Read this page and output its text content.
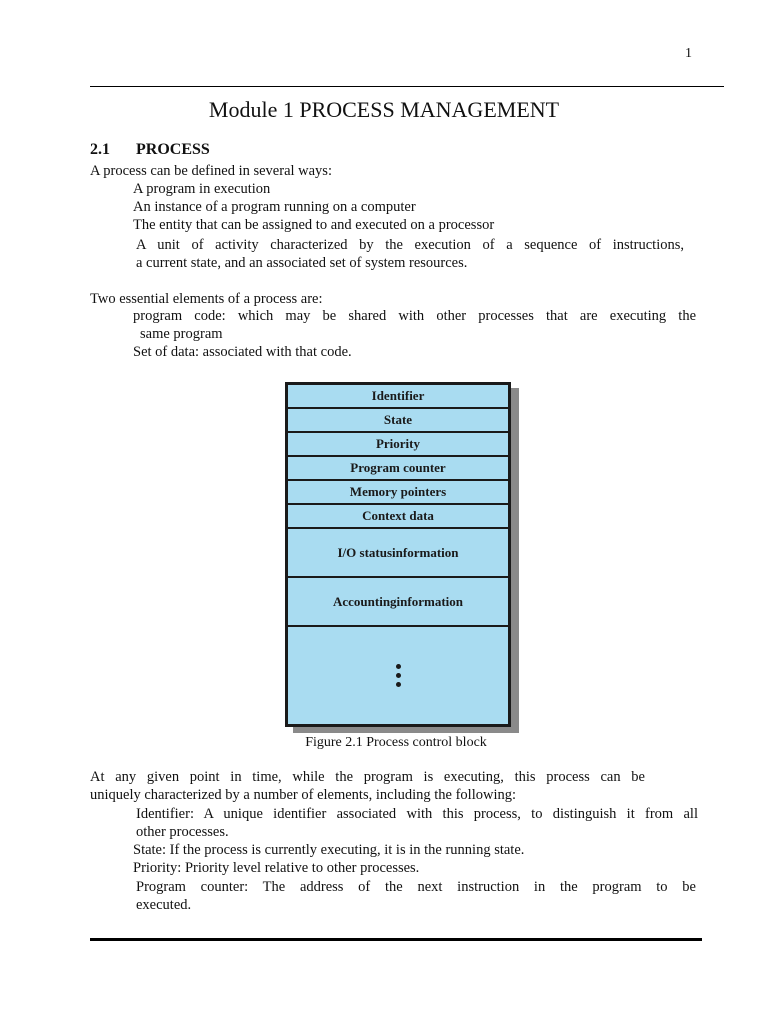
1
Module 1 PROCESS MANAGEMENT
2.1 PROCESS
A process can be defined in several ways:
A program in execution
An instance of a program running on a computer
The entity that can be assigned to and executed on a processor
A unit of activity characterized by the execution of a sequence of instructions,
a current state, and an associated set of system resources.
Two essential elements of a process are:
program code: which may be shared with other processes that are executing the
same program
Set of data: associated with that code.
Identifier
State
Priority
Program counter
Memory pointers
Context data
I/O status information
Accounting information
Figure 2.1 Process control block
At any given point in time, while the program is executing, this process can be
uniquely characterized by a number of elements, including the following:
Identifier: A unique identifier associated with this process, to distinguish it from all
other processes.
State: If the process is currently executing, it is in the running state.
Priority: Priority level relative to other processes.
Program counter: The address of the next instruction in the program to be
executed.
